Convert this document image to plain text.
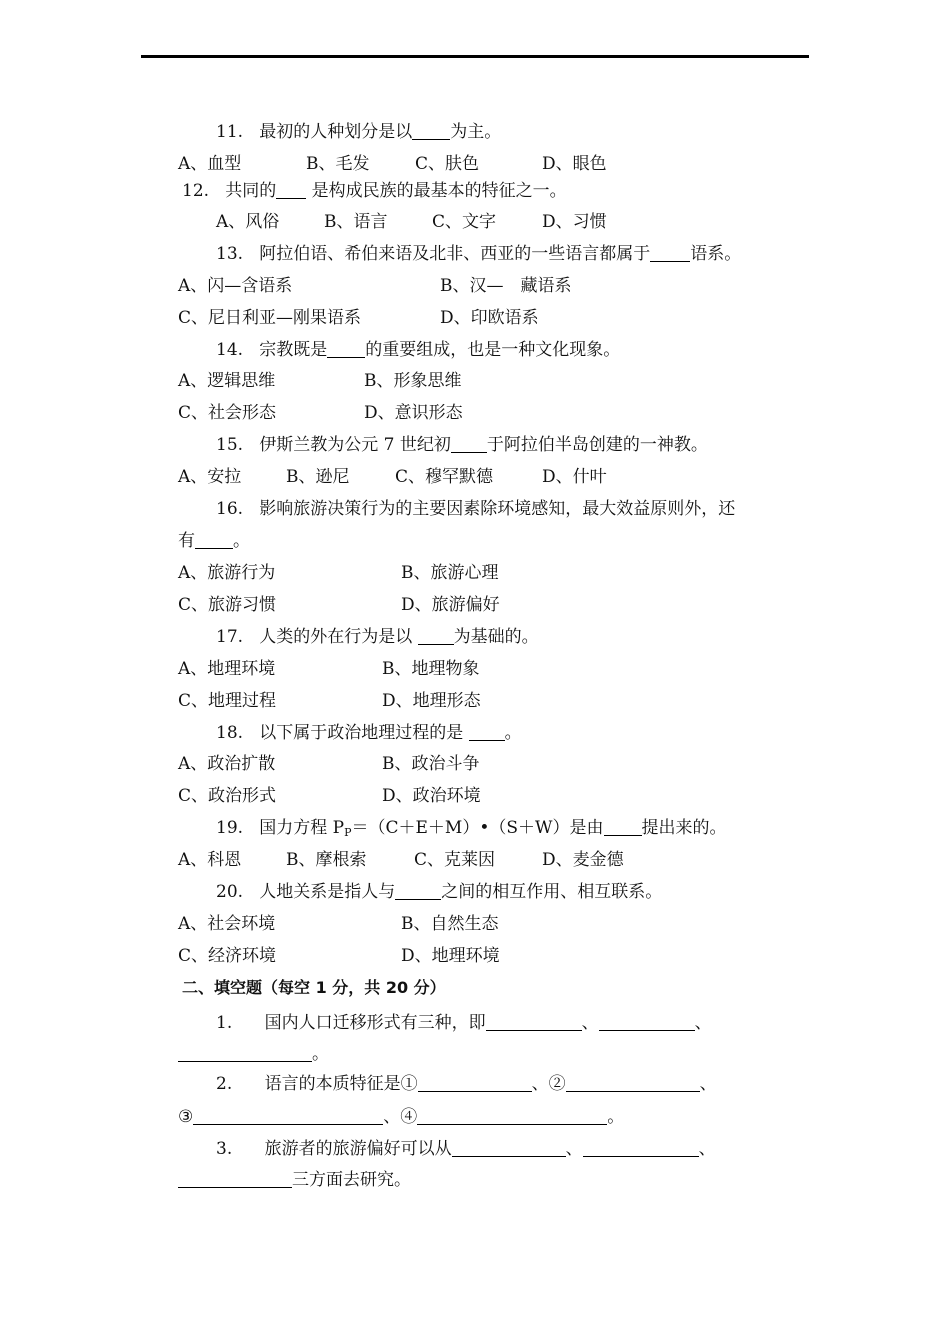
11. 最初的人种划分是以 为主。
A、血型	B、毛发	C、肤色	D、眼色
12. 共同的 是构成民族的最基本的特征之一。
A、风俗	B、语言	C、文字	D、习惯
13. 阿拉伯语、希伯来语及北非、西亚的一些语言都属于 语系。
A、闪—含语系	B、汉—　藏语系
C、尼日利亚—刚果语系	D、印欧语系
14. 宗教既是 的重要组成，也是一种文化现象。
A、逻辑思维	B、形象思维
C、社会形态	D、意识形态
15. 伊斯兰教为公元 7 世纪初 于阿拉伯半岛创建的一神教。
A、安拉	B、逊尼	C、穆罕默德	D、什叶
16. 影响旅游决策行为的主要因素除环境感知，最大效益原则外，还
有 。
A、旅游行为	B、旅游心理
C、旅游习惯	D、旅游偏好
17. 人类的外在行为是以 为基础的。
A、地理环境	B、地理物象
C、地理过程	D、地理形态
18. 以下属于政治地理过程的是 。
A、政治扩散	B、政治斗争
C、政治形式	D、政治环境
19. 国力方程 $P_P=(C+E+M)•(S+W)$是由 提出来的。
A、科恩	B、摩根索	C、克莱因	D、麦金德
20. 人地关系是指人与	之间的相互作用、相互联系。
A、社会环境	B、自然生态
C、经济环境	D、地理环境
二、填空题（每空 1 分，共 20 分）
1. 国内人口迁移形式有三种，即	、	、
。
2. 语言的本质特征是①	、②	、
③	、④	。
3. 旅游者的旅游偏好可以从	、	、
三方面去研究。
